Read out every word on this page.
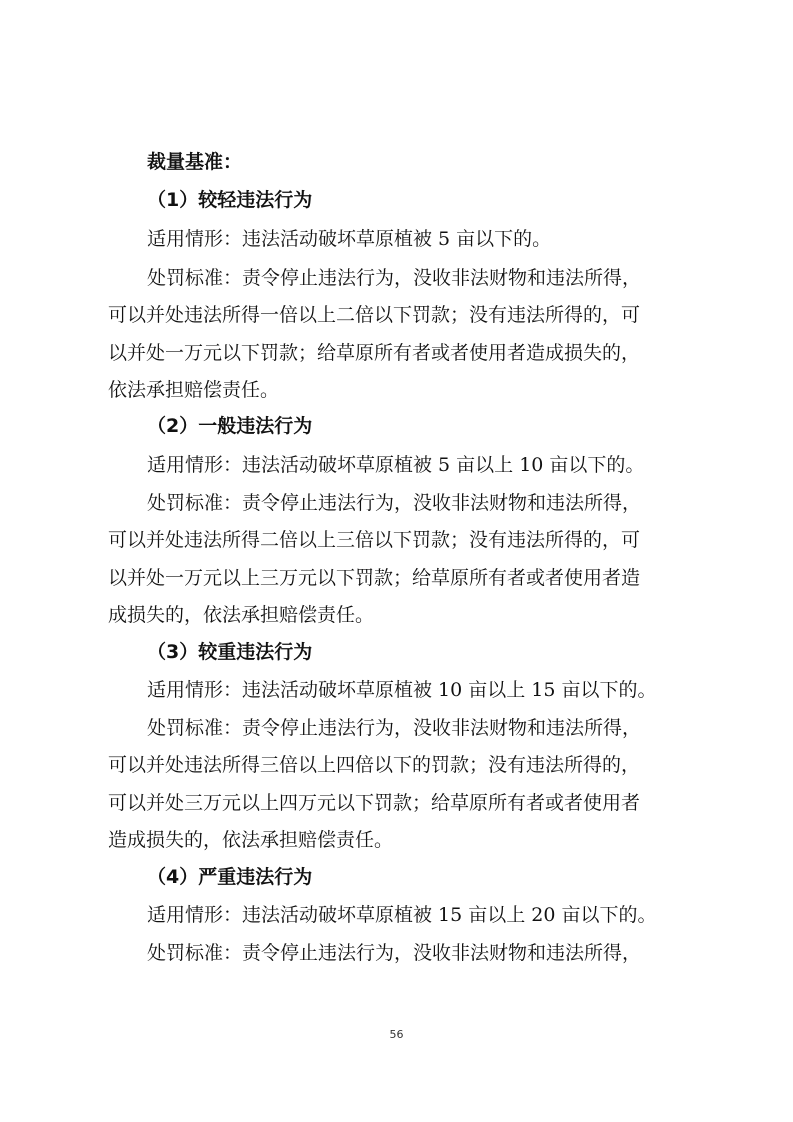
裁量基准：
（1）较轻违法行为
适用情形：违法活动破坏草原植被 5 亩以下的。
处罚标准：责令停止违法行为，没收非法财物和违法所得，
可以并处违法所得一倍以上二倍以下罚款；没有违法所得的，可
以并处一万元以下罚款；给草原所有者或者使用者造成损失的，
依法承担赔偿责任。
（2）一般违法行为
适用情形：违法活动破坏草原植被 5 亩以上 10 亩以下的。
处罚标准：责令停止违法行为，没收非法财物和违法所得，
可以并处违法所得二倍以上三倍以下罚款；没有违法所得的，可
以并处一万元以上三万元以下罚款；给草原所有者或者使用者造
成损失的，依法承担赔偿责任。
（3）较重违法行为
适用情形：违法活动破坏草原植被 10 亩以上 15 亩以下的。
处罚标准：责令停止违法行为，没收非法财物和违法所得，
可以并处违法所得三倍以上四倍以下的罚款；没有违法所得的，
可以并处三万元以上四万元以下罚款；给草原所有者或者使用者
造成损失的，依法承担赔偿责任。
（4）严重违法行为
适用情形：违法活动破坏草原植被 15 亩以上 20 亩以下的。
处罚标准：责令停止违法行为，没收非法财物和违法所得，
56
